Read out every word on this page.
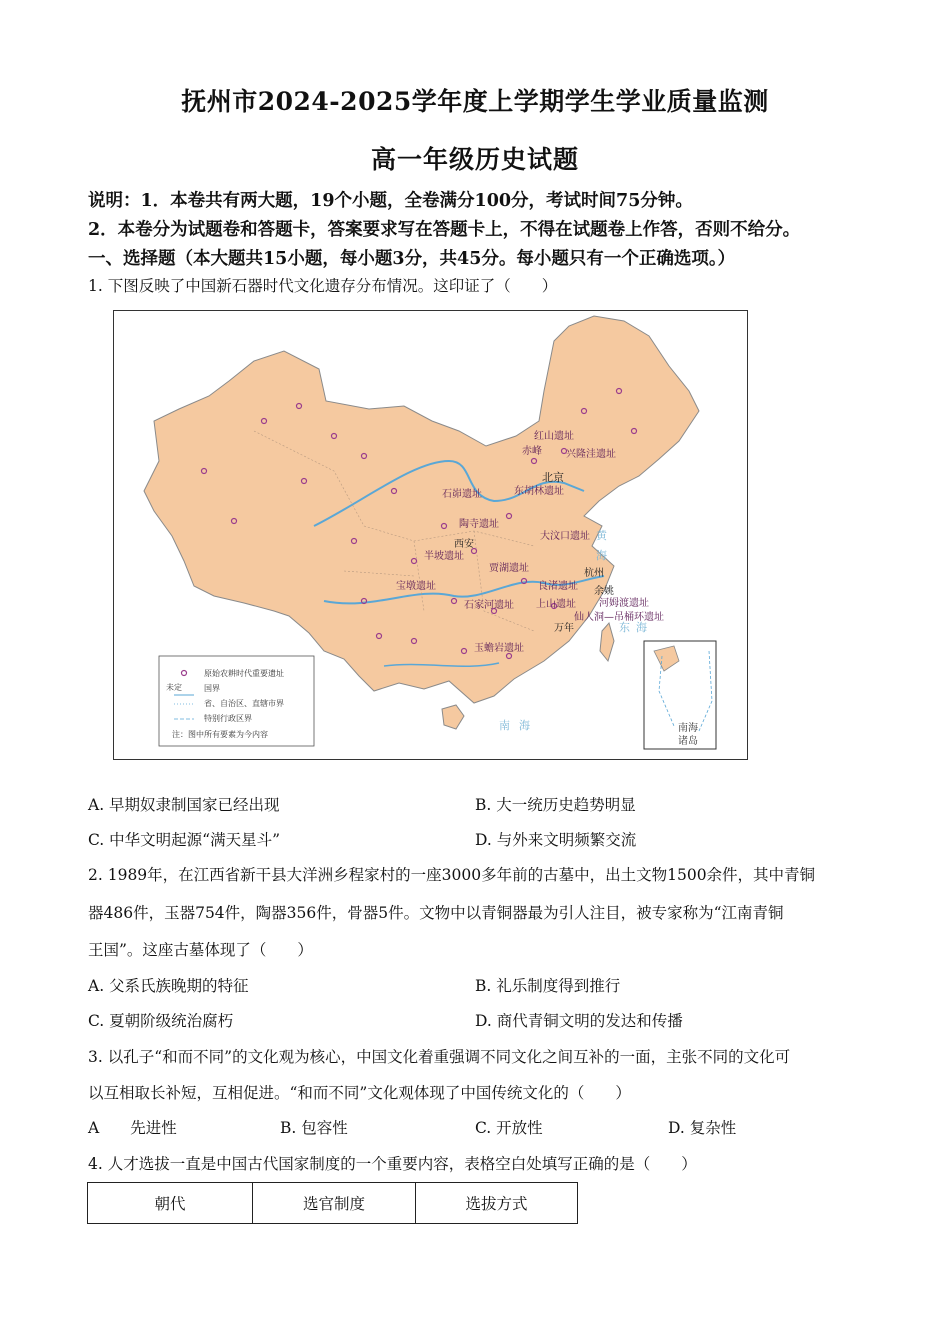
抚州市2024-2025学年度上学期学生学业质量监测
高一年级历史试题
说明：1．本卷共有两大题，19个小题，全卷满分100分，考试时间75分钟。
2．本卷分为试题卷和答题卡，答案要求写在答题卡上，不得在试题卷上作答，否则不给分。
一、选择题（本大题共15小题，每小题3分，共45分。每小题只有一个正确选项。）
1. 下图反映了中国新石器时代文化遗存分布情况。这印证了（　　）
南海
诸岛
黄
海
东 海
南 海
红山遗址
赤峰 兴隆洼遗址
北京
东胡林遗址
石峁遗址
陶寺遗址
西安
半坡遗址
大汶口遗址
贾湖遗址	杭州
良渚遗址 余姚
河姆渡遗址
上山遗址
仙人洞—吊桶环遗址
万年
石家河遗址
宝墩遗址
玉蟾岩遗址
原始农耕时代重要遗址
未定	国界
省、自治区、直辖市界
特别行政区界
注：图中所有要素为今内容
A. 早期奴隶制国家已经出现	B. 大一统历史趋势明显
C. 中华文明起源“满天星斗”	D. 与外来文明频繁交流
2. 1989年，在江西省新干县大洋洲乡程家村的一座3000多年前的古墓中，出土文物1500余件，其中青铜
器486件，玉器754件，陶器356件，骨器5件。文物中以青铜器最为引人注目，被专家称为“江南青铜
王国”。这座古墓体现了（　　）
A. 父系氏族晚期的特征	B. 礼乐制度得到推行
C. 夏朝阶级统治腐朽	D. 商代青铜文明的发达和传播
3. 以孔子“和而不同”的文化观为核心，中国文化着重强调不同文化之间互补的一面，主张不同的文化可
以互相取长补短，互相促进。“和而不同”文化观体现了中国传统文化的（　　）
A　　先进性	B. 包容性	C. 开放性	D. 复杂性
4. 人才选拔一直是中国古代国家制度的一个重要内容，表格空白处填写正确的是（　　）
朝代	选官制度	选拔方式
